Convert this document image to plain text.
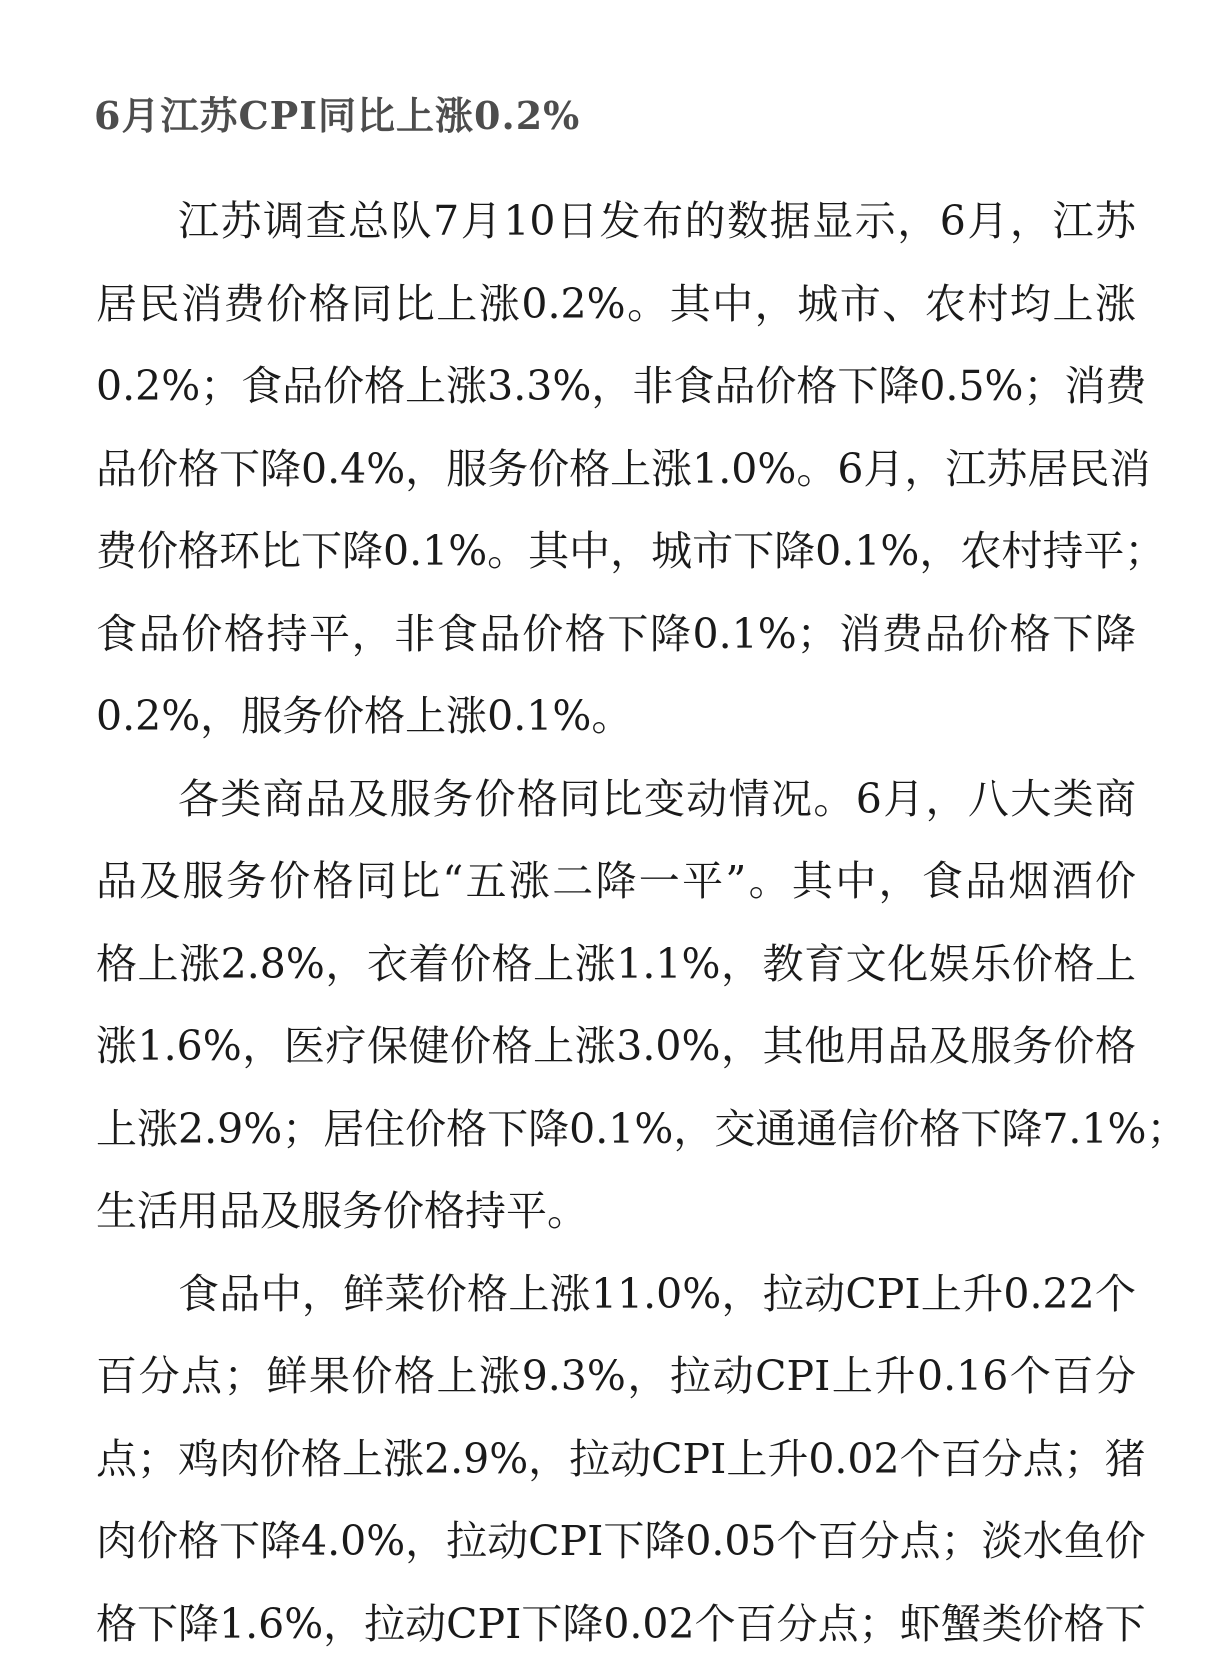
6月江苏CPI同比上涨0.2%

江苏调查总队7月10日发布的数据显示，6月，江苏
居民消费价格同比上涨0.2%。其中，城市、农村均上涨
0.2%；食品价格上涨3.3%，非食品价格下降0.5%；消费
品价格下降0.4%，服务价格上涨1.0%。6月，江苏居民消
费价格环比下降0.1%。其中，城市下降0.1%，农村持平；
食品价格持平，非食品价格下降0.1%；消费品价格下降
0.2%，服务价格上涨0.1%。

各类商品及服务价格同比变动情况。6月，八大类商
品及服务价格同比“五涨二降一平”。其中，食品烟酒价
格上涨2.8%，衣着价格上涨1.1%，教育文化娱乐价格上
涨1.6%，医疗保健价格上涨3.0%，其他用品及服务价格
上涨2.9%；居住价格下降0.1%，交通通信价格下降7.1%；
生活用品及服务价格持平。

食品中，鲜菜价格上涨11.0%，拉动CPI上升0.22个
百分点；鲜果价格上涨9.3%，拉动CPI上升0.16个百分
点；鸡肉价格上涨2.9%，拉动CPI上升0.02个百分点；猪
肉价格下降4.0%，拉动CPI下降0.05个百分点；淡水鱼价
格下降1.6%，拉动CPI下降0.02个百分点；虾蟹类价格下
